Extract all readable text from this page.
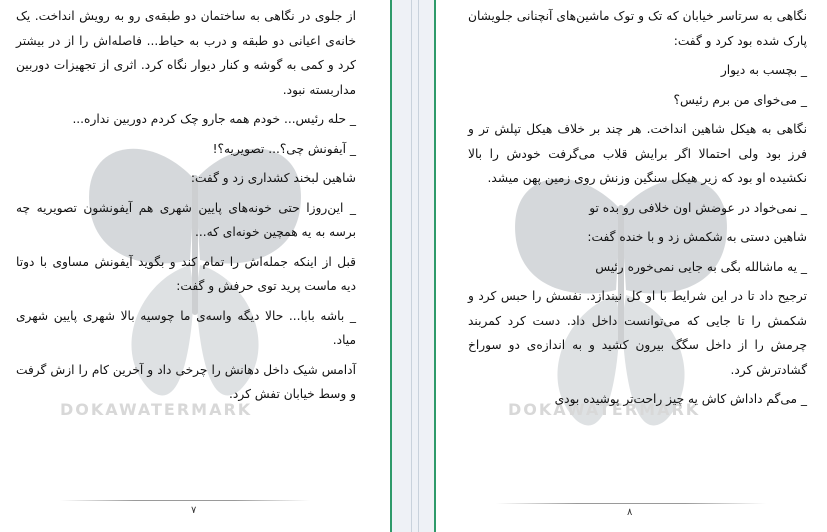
DOKAWATERMARK

از جلوی در نگاهی به ساختمان دو طبقه‌ی رو به رویش انداخت. یک خانه‌ی اعیانی دو طبقه و درب به حیاط... فاصله‌اش را از در بیشتر کرد و کمی به گوشه و کنار دیوار نگاه کرد. اثری از تجهیزات دوربین مداربسته نبود.

_ حله رئیس... خودم همه جارو چک کردم دوربین نداره...

_ آیفونش چی؟... تصویریه؟!

شاهین لبخند کشداری زد و گفت:

_ این‌روزا حتی خونه‌های پایین شهری هم آیفونشون تصویریه چه برسه به یه همچین خونه‌ای که...

قبل از اینکه جمله‌اش را تمام کند و بگوید آیفونش مساوی با دوتا دیه ماست پرید توی حرفش و گفت:

_ باشه بابا... حالا دیگه واسه‌ی ما چوسیه بالا شهری پایین شهری میاد.

آدامس شیک داخل دهانش را چرخی داد و آخرین کام را ازش گرفت و وسط خیابان تفش کرد.

۷
DOKAWATERMARK

نگاهی به سرتاسر خیابان که تک و توک ماشین‌های آنچنانی جلویشان پارک شده بود کرد و گفت:

_ بچسب به دیوار

_ می‌خوای من برم رئیس؟

نگاهی به هیکل شاهین انداخت. هر چند بر خلاف هیکل تپلش تر و فرز بود ولی احتمالا اگر برایش قلاب می‌گرفت خودش را بالا نکشیده او بود که زیر هیکل سنگین وزنش روی زمین پهن میشد.

_ نمی‌خواد در عوضش اون خلافی رو بده تو

شاهین دستی به شکمش زد و با خنده گفت:

_ یه ماشالله بگی به جایی نمی‌خوره رئیس

ترجیح داد تا در این شرایط با او کل نیندازد. نفسش را حبس کرد و شکمش را تا جایی که می‌توانست داخل داد. دست کرد کمربند چرمش را از داخل سگگ بیرون کشید و به اندازه‌ی دو سوراخ گشادترش کرد.

_ می‌گم داداش کاش یه چیز راحت‌تر پوشیده بودی

۸
